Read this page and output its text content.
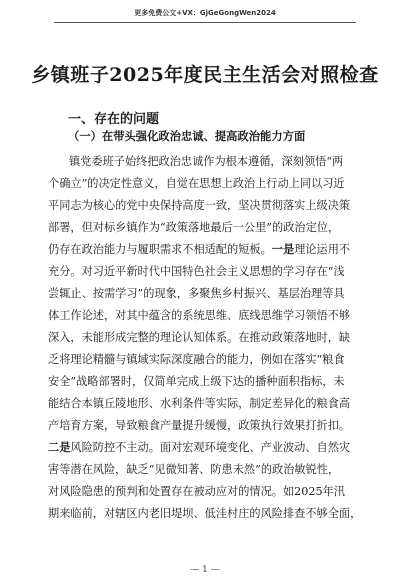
更多免费公文+VX：GjGeGongWen2024
乡镇班子2025年度民主生活会对照检查
一、存在的问题
（一）在带头强化政治忠诚、提高政治能力方面
镇党委班子始终把政治忠诚作为根本遵循，深刻领悟“两
个确立”的决定性意义，自觉在思想上政治上行动上同以习近
平同志为核心的党中央保持高度一致，坚决贯彻落实上级决策
部署，但对标乡镇作为“政策落地最后一公里”的政治定位，
仍存在政治能力与履职需求不相适配的短板。一是理论运用不
充分。对习近平新时代中国特色社会主义思想的学习存在“浅
尝辄止、按需学习”的现象，多聚焦乡村振兴、基层治理等具
体工作论述，对其中蕴含的系统思维、底线思维学习领悟不够
深入，未能形成完整的理论认知体系。在推动政策落地时，缺
乏将理论精髓与镇域实际深度融合的能力，例如在落实“粮食
安全”战略部署时，仅简单完成上级下达的播种面积指标，未
能结合本镇丘陵地形、水利条件等实际，制定差异化的粮食高
产培育方案，导致粮食产量提升缓慢，政策执行效果打折扣。
二是风险防控不主动。面对宏观环境变化、产业波动、自然灾
害等潜在风险，缺乏“见微知著、防患未然”的政治敏锐性，
对风险隐患的预判和处置存在被动应对的情况。如2025年汛
期来临前，对辖区内老旧堤坝、低洼村庄的风险排查不够全面，
— 1 —
